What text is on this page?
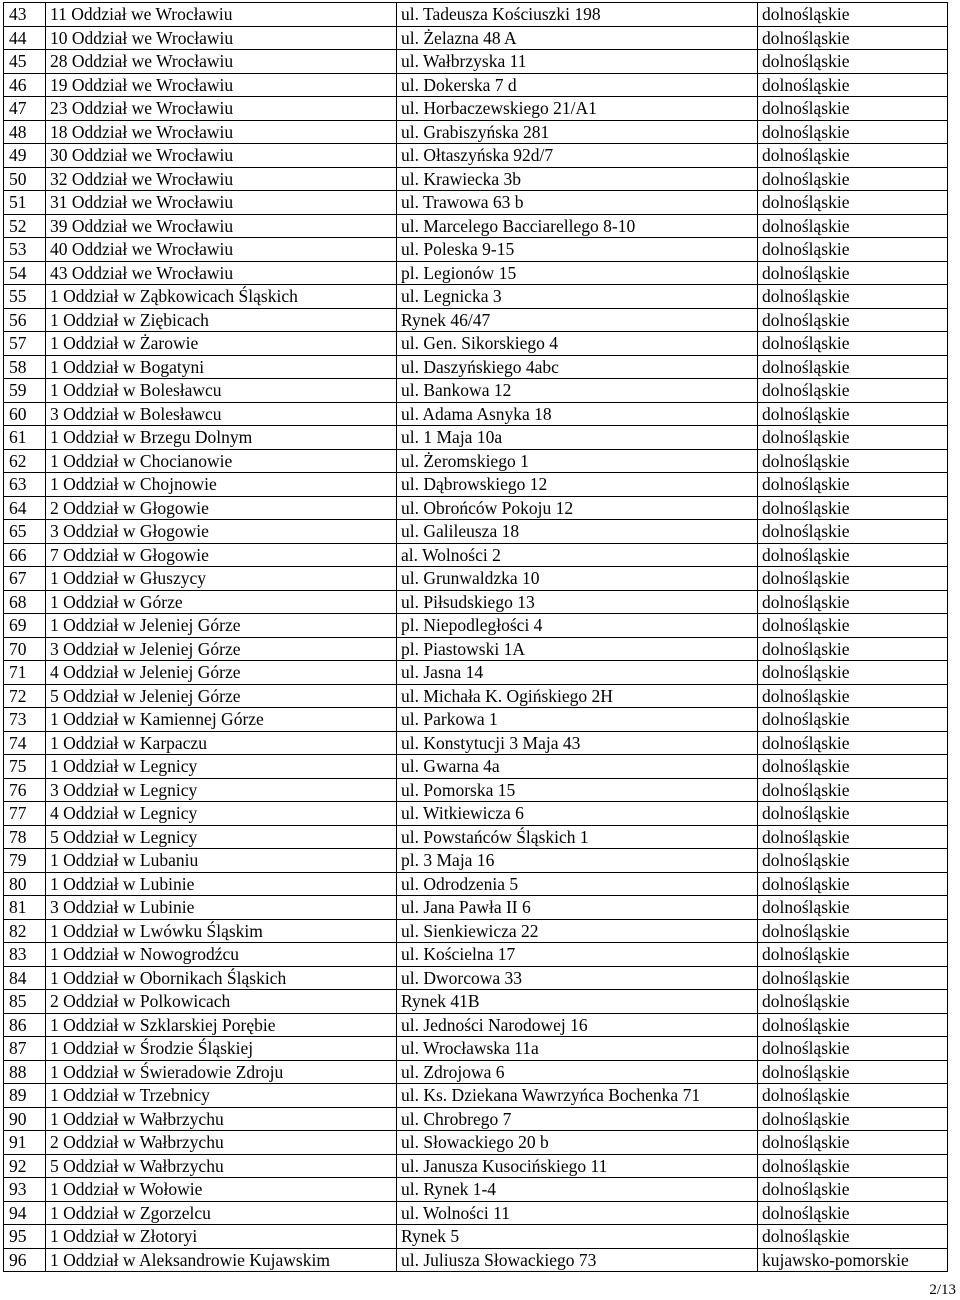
43	11 Oddział we Wrocławiu	ul. Tadeusza Kościuszki 198	dolnośląskie
44	10 Oddział we Wrocławiu	ul. Żelazna 48 A	dolnośląskie
45	28 Oddział we Wrocławiu	ul. Wałbrzyska 11	dolnośląskie
46	19 Oddział we Wrocławiu	ul. Dokerska 7 d	dolnośląskie
47	23 Oddział we Wrocławiu	ul. Horbaczewskiego 21/A1	dolnośląskie
48	18 Oddział we Wrocławiu	ul. Grabiszyńska 281	dolnośląskie
49	30 Oddział we Wrocławiu	ul. Ołtaszyńska 92d/7	dolnośląskie
50	32 Oddział we Wrocławiu	ul. Krawiecka 3b	dolnośląskie
51	31 Oddział we Wrocławiu	ul. Trawowa 63 b	dolnośląskie
52	39 Oddział we Wrocławiu	ul. Marcelego Bacciarellego 8-10	dolnośląskie
53	40 Oddział we Wrocławiu	ul. Poleska 9-15	dolnośląskie
54	43 Oddział we Wrocławiu	pl. Legionów 15	dolnośląskie
55	1 Oddział w Ząbkowicach Śląskich	ul. Legnicka 3	dolnośląskie
56	1 Oddział w Ziębicach	Rynek 46/47	dolnośląskie
57	1 Oddział w Żarowie	ul. Gen. Sikorskiego 4	dolnośląskie
58	1 Oddział w Bogatyni	ul. Daszyńskiego 4abc	dolnośląskie
59	1 Oddział w Bolesławcu	ul. Bankowa 12	dolnośląskie
60	3 Oddział w Bolesławcu	ul. Adama Asnyka 18	dolnośląskie
61	1 Oddział w Brzegu Dolnym	ul. 1 Maja 10a	dolnośląskie
62	1 Oddział w Chocianowie	ul. Żeromskiego 1	dolnośląskie
63	1 Oddział w Chojnowie	ul. Dąbrowskiego 12	dolnośląskie
64	2 Oddział w Głogowie	ul. Obrońców Pokoju 12	dolnośląskie
65	3 Oddział w Głogowie	ul. Galileusza 18	dolnośląskie
66	7 Oddział w Głogowie	al. Wolności 2	dolnośląskie
67	1 Oddział w Głuszycy	ul. Grunwaldzka 10	dolnośląskie
68	1 Oddział w Górze	ul. Piłsudskiego 13	dolnośląskie
69	1 Oddział w Jeleniej Górze	pl. Niepodległości 4	dolnośląskie
70	3 Oddział w Jeleniej Górze	pl. Piastowski 1A	dolnośląskie
71	4 Oddział w Jeleniej Górze	ul. Jasna 14	dolnośląskie
72	5 Oddział w Jeleniej Górze	ul. Michała K. Ogińskiego 2H	dolnośląskie
73	1 Oddział w Kamiennej Górze	ul. Parkowa 1	dolnośląskie
74	1 Oddział w Karpaczu	ul. Konstytucji 3 Maja 43	dolnośląskie
75	1 Oddział w Legnicy	ul. Gwarna 4a	dolnośląskie
76	3 Oddział w Legnicy	ul. Pomorska 15	dolnośląskie
77	4 Oddział w Legnicy	ul. Witkiewicza 6	dolnośląskie
78	5 Oddział w Legnicy	ul. Powstańców Śląskich 1	dolnośląskie
79	1 Oddział w Lubaniu	pl. 3 Maja 16	dolnośląskie
80	1 Oddział w Lubinie	ul. Odrodzenia 5	dolnośląskie
81	3 Oddział w Lubinie	ul. Jana Pawła II 6	dolnośląskie
82	1 Oddział w Lwówku Śląskim	ul. Sienkiewicza 22	dolnośląskie
83	1 Oddział w Nowogrodźcu	ul. Kościelna 17	dolnośląskie
84	1 Oddział w Obornikach Śląskich	ul. Dworcowa 33	dolnośląskie
85	2 Oddział w Polkowicach	Rynek 41B	dolnośląskie
86	1 Oddział w Szklarskiej Porębie	ul. Jedności Narodowej 16	dolnośląskie
87	1 Oddział w Środzie Śląskiej	ul. Wrocławska 11a	dolnośląskie
88	1 Oddział w Świeradowie Zdroju	ul. Zdrojowa 6	dolnośląskie
89	1 Oddział w Trzebnicy	ul. Ks. Dziekana Wawrzyńca Bochenka 71	dolnośląskie
90	1 Oddział w Wałbrzychu	ul. Chrobrego 7	dolnośląskie
91	2 Oddział w Wałbrzychu	ul. Słowackiego 20 b	dolnośląskie
92	5 Oddział w Wałbrzychu	ul. Janusza Kusocińskiego 11	dolnośląskie
93	1 Oddział w Wołowie	ul. Rynek 1-4	dolnośląskie
94	1 Oddział w Zgorzelcu	ul. Wolności 11	dolnośląskie
95	1 Oddział w Złotoryi	Rynek 5	dolnośląskie
96	1 Oddział w Aleksandrowie Kujawskim	ul. Juliusza Słowackiego 73	kujawsko-pomorskie
2/13
